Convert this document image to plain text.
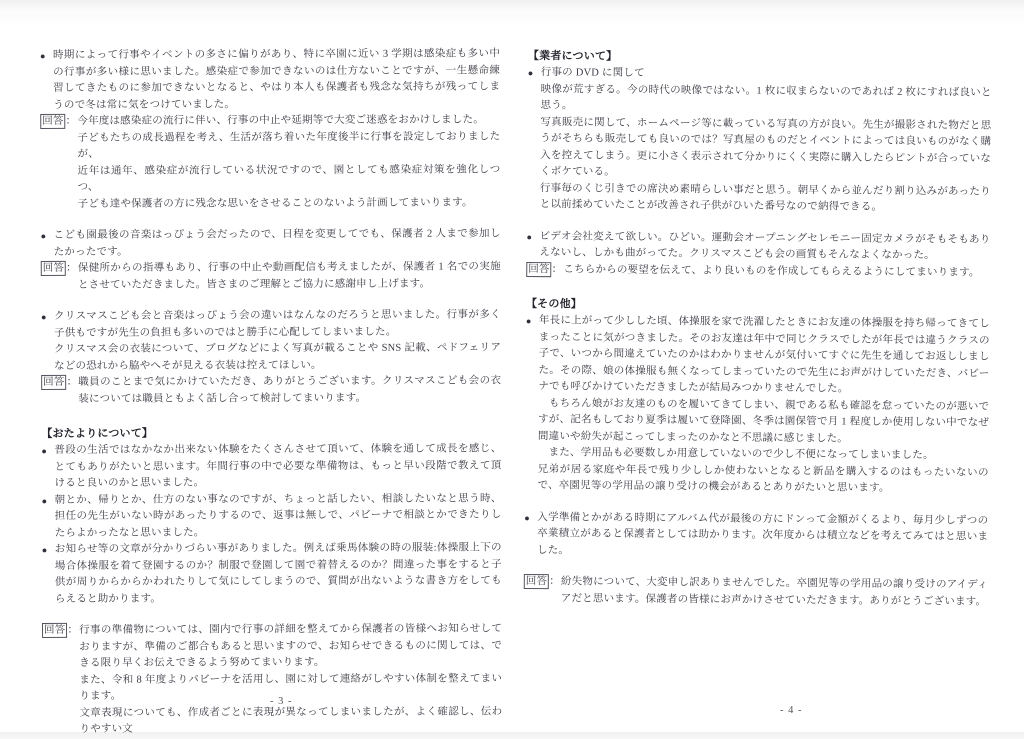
● 時期によって行事やイベントの多さに偏りがあり、特に卒園に近い 3 学期は感染症も多い中の行事が多い様に思いました。感染症で参加できないのは仕方ないことですが、一生懸命練習してきたものに参加できないとなると、やはり本人も保護者も残念な気持ちが残ってしまうので冬は常に気をつけていました。
回答 ： 今年度は感染症の流行に伴い、行事の中止や延期等で大変ご迷惑をおかけしました。
子どもたちの成長過程を考え、生活が落ち着いた年度後半に行事を設定しておりましたが、
近年は通年、感染症が流行している状況ですので、園としても感染症対策を強化しつつ、
子ども達や保護者の方に残念な思いをさせることのないよう計画してまいります。
● こども園最後の音楽はっぴょう会だったので、日程を変更してでも、保護者 2 人まで参加したかったです。
回答 ： 保健所からの指導もあり、行事の中止や動画配信も考えましたが、保護者 1 名での実施とさせていただきました。皆さまのご理解とご協力に感謝申し上げます。
● クリスマスこども会と音楽はっぴょう会の違いはなんなのだろうと思いました。行事が多く子供もですが先生の負担も多いのではと勝手に心配してしまいました。
クリスマス会の衣装について、ブログなどによく写真が載ることや SNS 記載、ペドフェリアなどの恐れから脇やへそが見える衣装は控えてほしい。
回答 ： 職員のことまで気にかけていただき、ありがとうございます。クリスマスこども会の衣装については職員ともよく話し合って検討してまいります。
【おたよりについて】
● 普段の生活ではなかなか出来ない体験をたくさんさせて頂いて、体験を通して成長を感じ、とてもありがたいと思います。年間行事の中で必要な準備物は、もっと早い段階で教えて頂けると良いのかと思いました。
● 朝とか、帰りとか、仕方のない事なのですが、ちょっと話したい、相談したいなと思う時、担任の先生がいない時があったりするので、返事は無しで、パビーナで相談とかできたりしたらよかったなと思いました。
● お知らせ等の文章が分かりづらい事がありました。例えば乗馬体験の時の服装:体操服上下の場合体操服を着て登園するのか？制服で登園して園で着替えるのか？間違った事をすると子供が周りからからかわれたりして気にしてしまうので、質問が出ないような書き方をしてもらえると助かります。
回答 ： 行事の準備物については、園内で行事の詳細を整えてから保護者の皆様へお知らせしておりますが、準備のご都合もあると思いますので、お知らせできるものに関しては、できる限り早くお伝えできるよう努めてまいります。
また、令和 8 年度よりパビーナを活用し、園に対して連絡がしやすい体制を整えてまいります。
文章表現についても、作成者ごとに表現が異なってしまいましたが、よく確認し、伝わりやすい文
【業者について】
● 行事の DVD に関して
映像が荒すぎる。今の時代の映像ではない。1 枚に収まらないのであれば 2 枚にすれば良いと思う。
写真販売に関して、ホームページ等に載っている写真の方が良い。先生が撮影された物だと思うがそちらも販売しても良いのでは？写真屋のものだとイベントによっては良いものがなく購入を控えてしまう。更に小さく表示されて分かりにくく実際に購入したらピントが合っていなくボケている。
行事毎のくじ引きでの席決め素晴らしい事だと思う。朝早くから並んだり割り込みがあったりと以前揉めていたことが改善され子供がひいた番号なので納得できる。
● ビデオ会社変えて欲しい。ひどい。運動会オープニングセレモニー固定カメラがそもそもありえないし、しかも曲がってた。クリスマスこども会の画質もそんなよくなかった。
回答 ： こちらからの要望を伝えて、より良いものを作成してもらえるようにしてまいります。
【その他】
● 年長に上がって少しした頃、体操服を家で洗濯したときにお友達の体操服を持ち帰ってきてしまったことに気がつきました。そのお友達は年中で同じクラスでしたが年長では違うクラスの子で、いつから間違えていたのかはわかりませんが気付いてすぐに先生を通してお返ししました。その際、娘の体操服も無くなってしまっていたので先生にお声がけしていただき、パビーナでも呼びかけていただきましたが結局みつかりませんでした。
　もちろん娘がお友達のものを履いてきてしまい、親である私も確認を怠っていたのが悪いですが、記名もしており夏季は履いて登降園、冬季は園保管で月 1 程度しか使用しない中でなぜ間違いや紛失が起こってしまったのかなと不思議に感じました。
　また、学用品も必要数しか用意していないので少し不便になってしまいました。
兄弟が居る家庭や年長で残り少ししか使わないとなると新品を購入するのはもったいないので、卒園児等の学用品の譲り受けの機会があるとありがたいと思います。
● 入学準備とかがある時期にアルバム代が最後の方にドンって金額がくるより、毎月少しずつの卒業積立があると保護者としては助かります。次年度からは積立などを考えてみてはと思いました。
回答 ： 紛失物について、大変申し訳ありませんでした。卒園児等の学用品の譲り受けのアイディアだと思います。保護者の皆様にお声かけさせていただきます。ありがとうございます。
- 3 -
- 4 -
